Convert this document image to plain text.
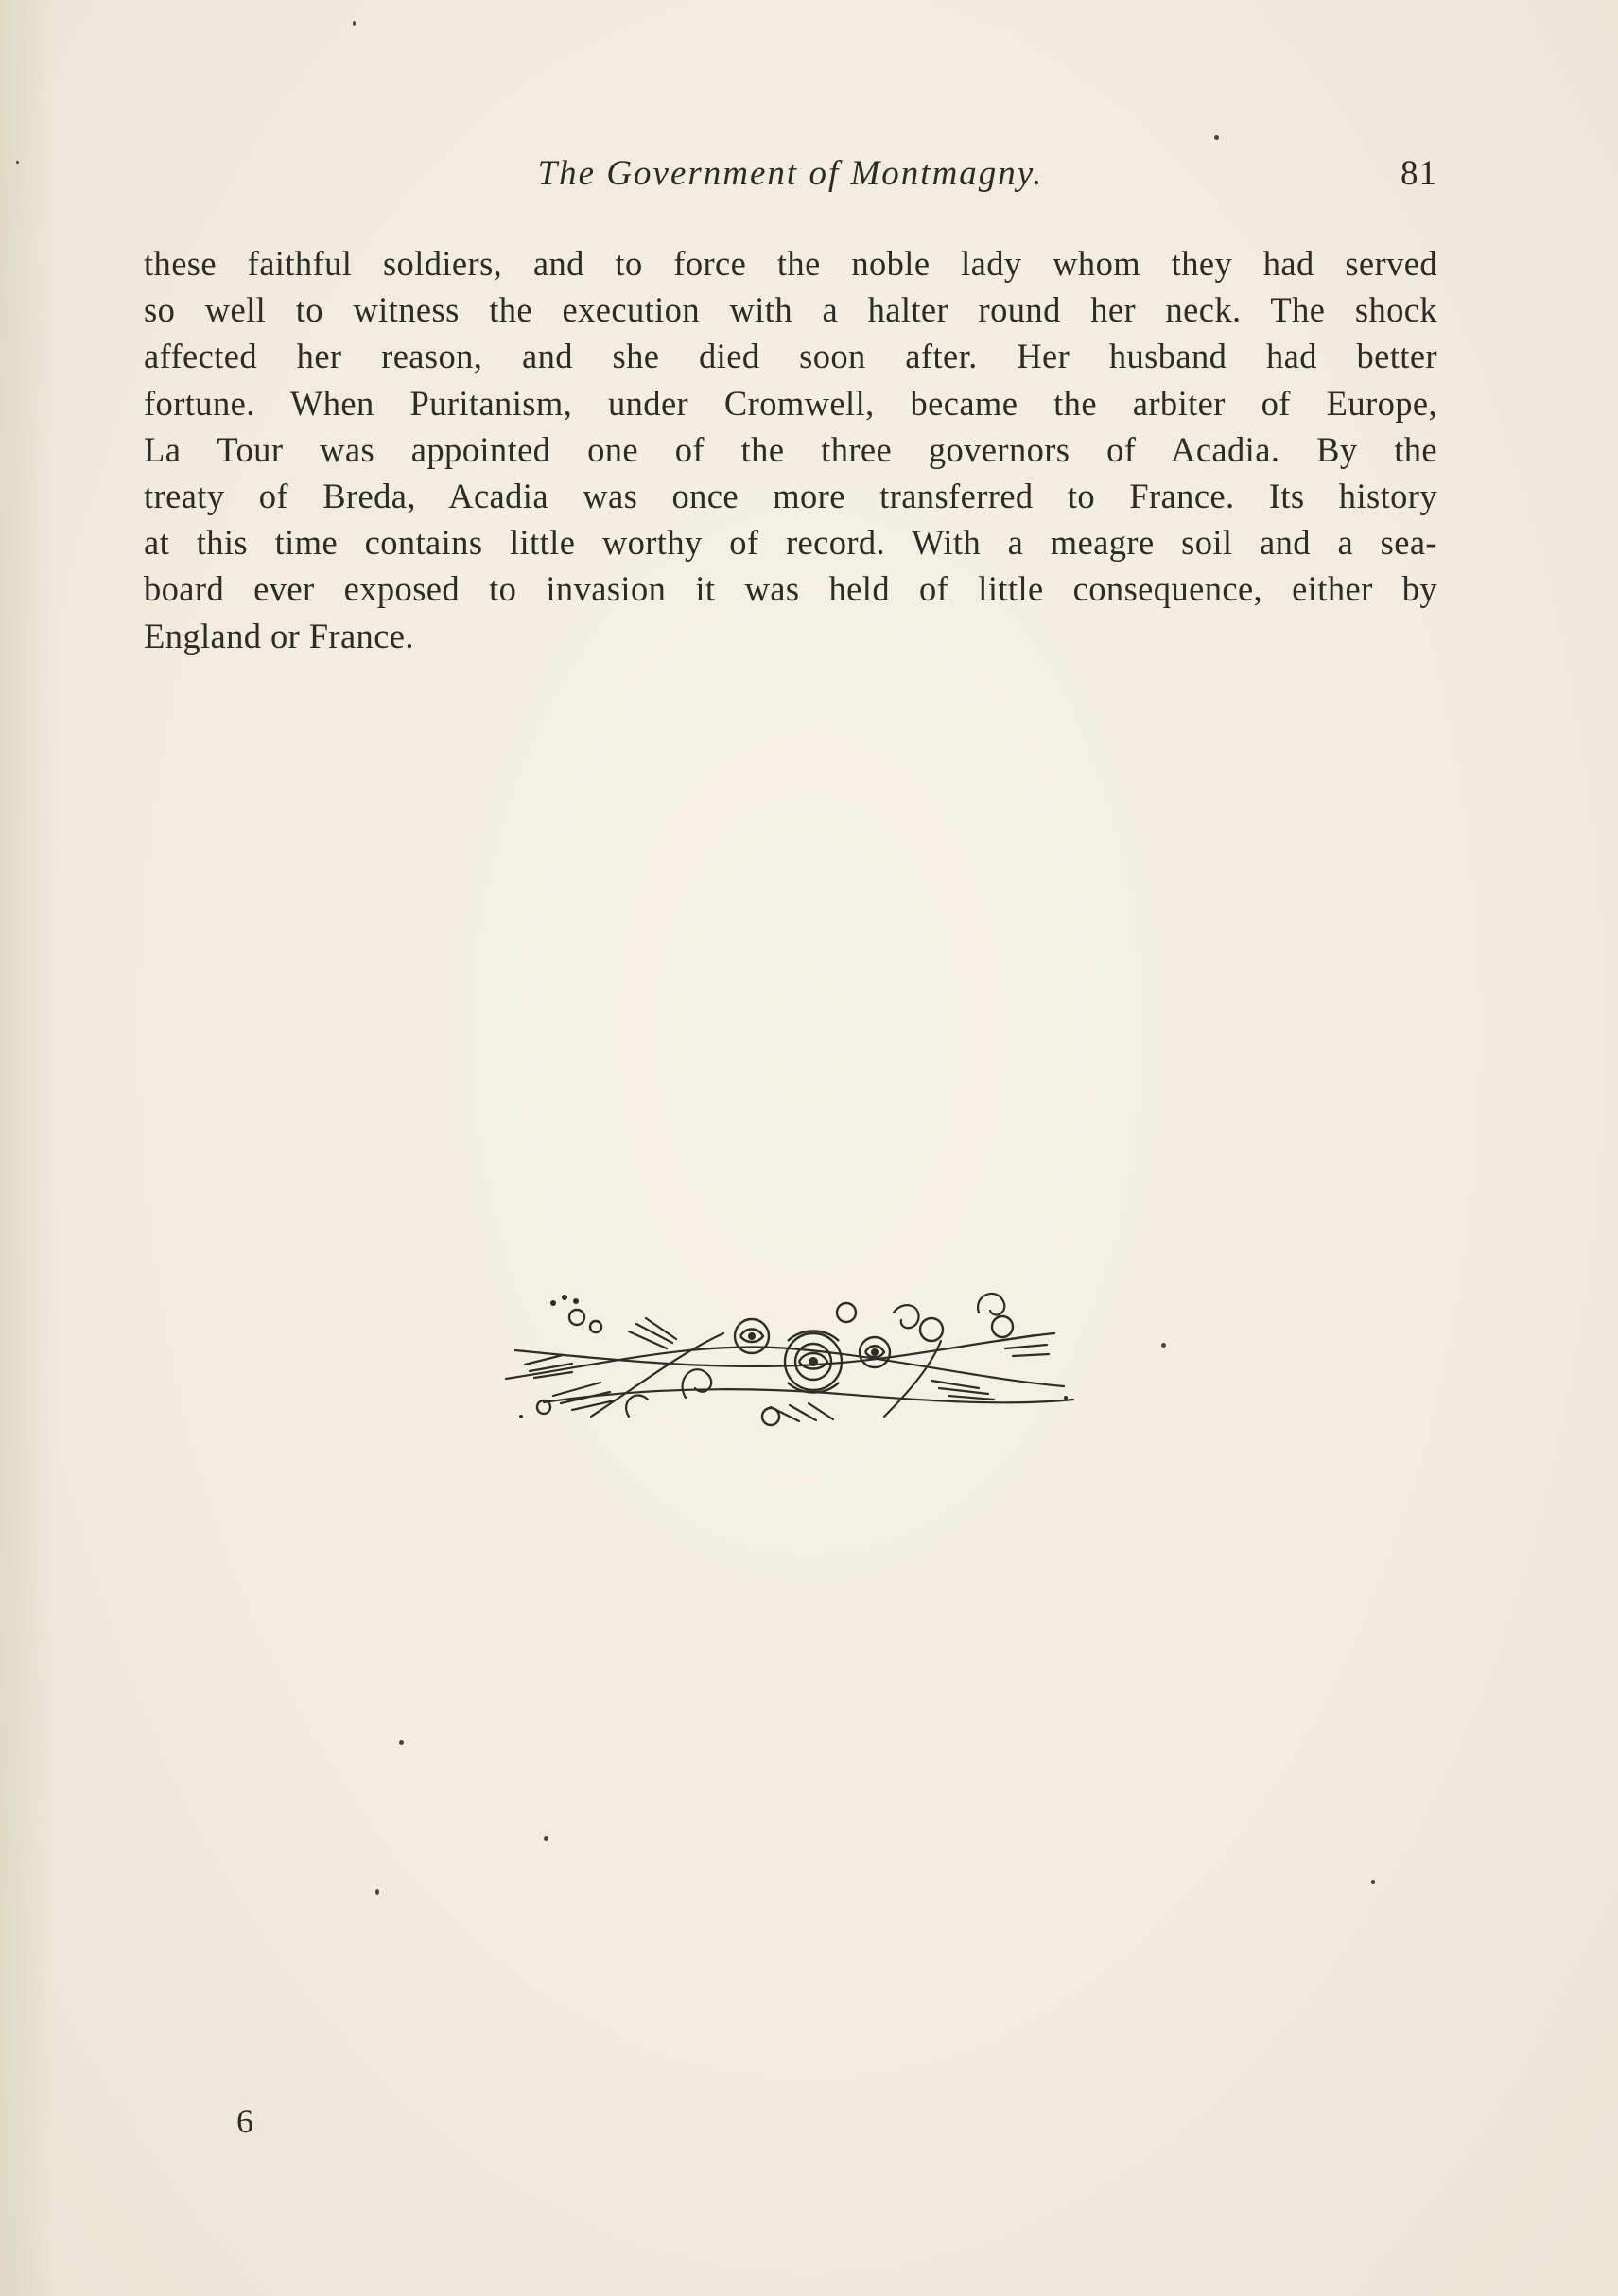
The Government of Montmagny.	81
these faithful soldiers, and to force the noble lady whom they had served
so well to witness the execution with a halter round her neck. The shock
affected her reason, and she died soon after. Her husband had better
fortune. When Puritanism, under Cromwell, became the arbiter of Europe,
La Tour was appointed one of the three governors of Acadia. By the
treaty of Breda, Acadia was once more transferred to France. Its history
at this time contains little worthy of record. With a meagre soil and a sea-
board ever exposed to invasion it was held of little consequence, either by
England or France.
6
